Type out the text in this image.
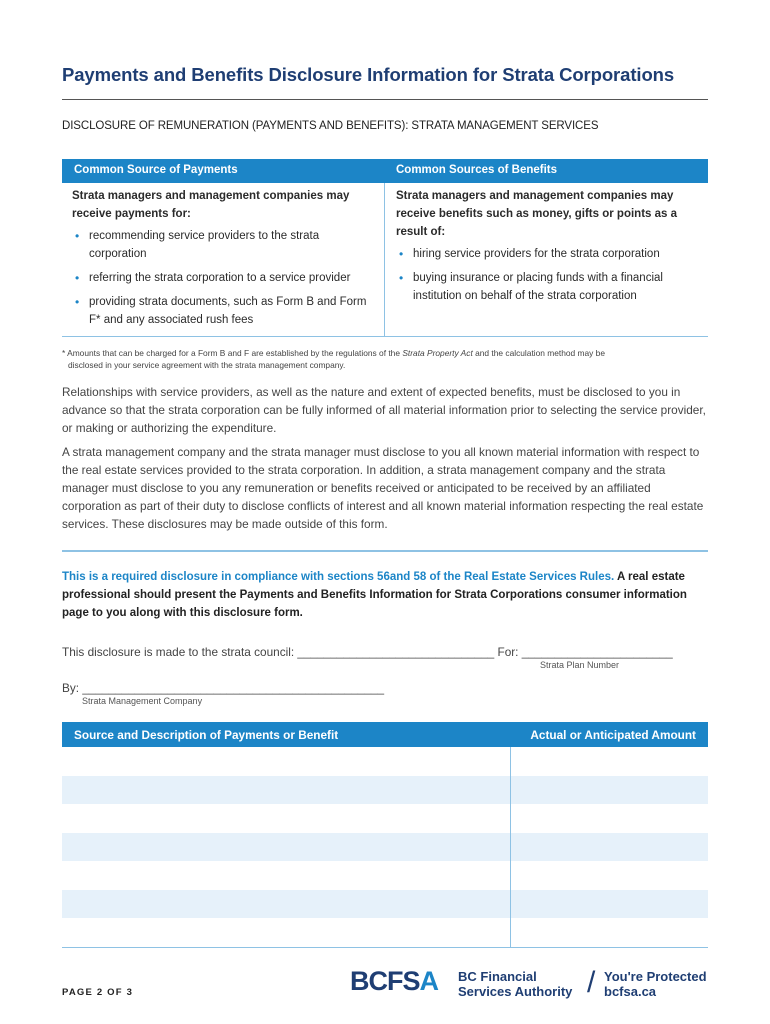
Payments and Benefits Disclosure Information for Strata Corporations
DISCLOSURE OF REMUNERATION (PAYMENTS AND BENEFITS): STRATA MANAGEMENT SERVICES
Common Source of Payments	Common Sources of Benefits
Strata managers and management companies may receive payments for:
• recommending service providers to the strata corporation
• referring the strata corporation to a service provider
• providing strata documents, such as Form B and Form F* and any associated rush fees
Strata managers and management companies may receive benefits such as money, gifts or points as a result of:
• hiring service providers for the strata corporation
• buying insurance or placing funds with a financial institution on behalf of the strata corporation
* Amounts that can be charged for a Form B and F are established by the regulations of the Strata Property Act and the calculation method may be
disclosed in your service agreement with the strata management company.
Relationships with service providers, as well as the nature and extent of expected benefits, must be disclosed to you in advance so that the strata corporation can be fully informed of all material information prior to selecting the service provider, or making or authorizing the expenditure.
A strata management company and the strata manager must disclose to you all known material information with respect to the real estate services provided to the strata corporation. In addition, a strata management company and the strata manager must disclose to you any remuneration or benefits received or anticipated to be received by an affiliated corporation as part of their duty to disclose conflicts of interest and all known material information respecting the real estate services. These disclosures may be made outside of this form.
This is a required disclosure in compliance with sections 56and 58 of the Real Estate Services Rules. A real estate professional should present the Payments and Benefits Information for Strata Corporations consumer information page to you along with this disclosure form.
This disclosure is made to the strata council: ______________________________ For: _______________________
Strata Plan Number
By: ______________________________________________
Strata Management Company
Source and Description of Payments or Benefit	Actual or Anticipated Amount
PAGE 2 OF 3	BCFSA BC Financial
Services Authority / You're Protected
bcfsa.ca
